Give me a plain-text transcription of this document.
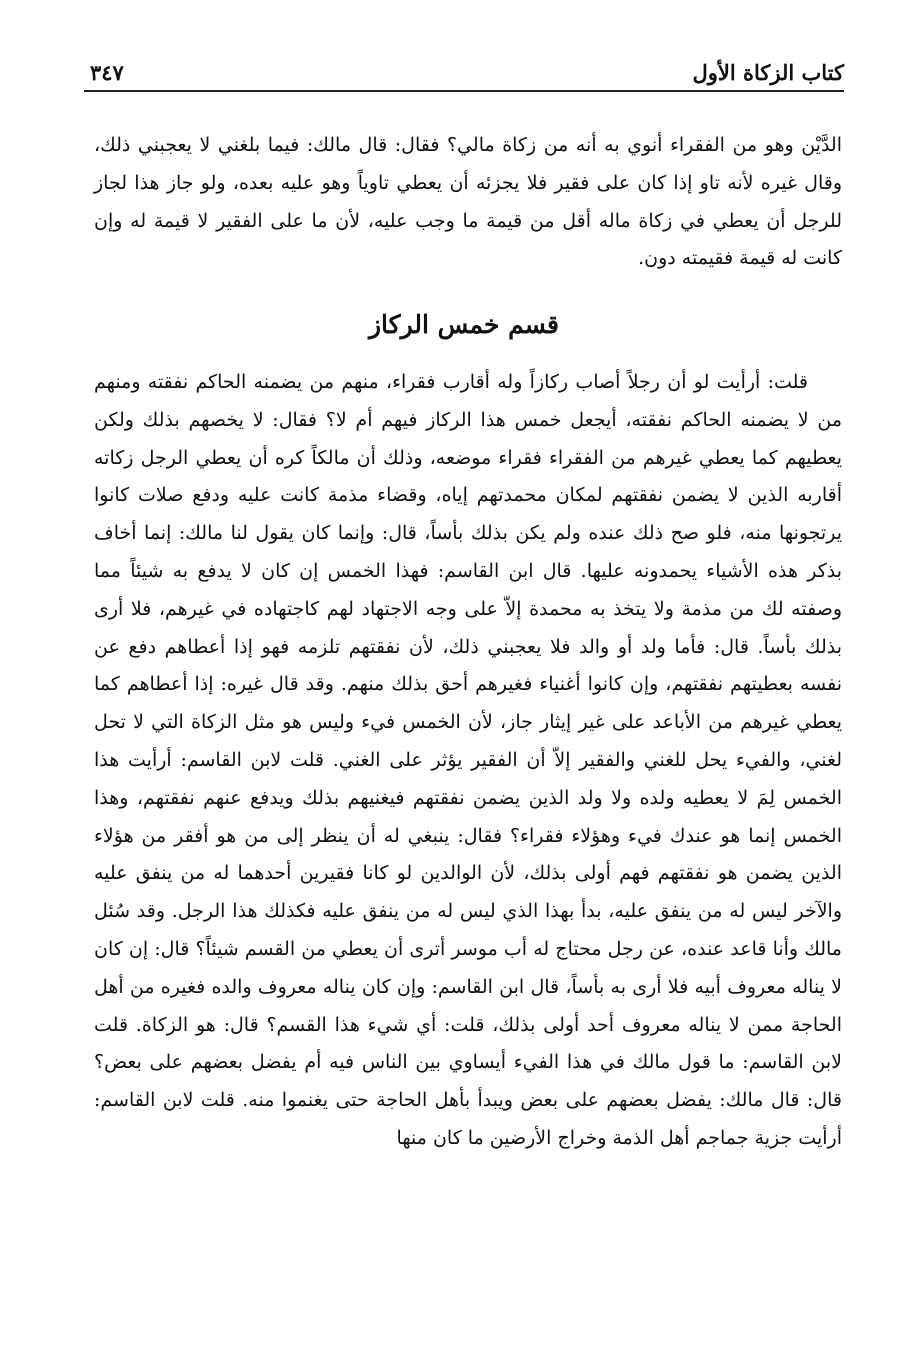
كتاب الزكاة الأول
٣٤٧

الدَّيْن وهو من الفقراء أنوي به أنه من زكاة مالي؟ فقال: قال مالك: فيما بلغني لا يعجبني ذلك، وقال غيره لأنه تاو إذا كان على فقير فلا يجزئه أن يعطي تاوياً وهو عليه بعده، ولو جاز هذا لجاز للرجل أن يعطي في زكاة ماله أقل من قيمة ما وجب عليه، لأن ما على الفقير لا قيمة له وإن كانت له قيمة فقيمته دون.

قسم خمس الركاز

قلت: أرأيت لو أن رجلاً أصاب ركازاً وله أقارب فقراء، منهم من يضمنه الحاكم نفقته ومنهم من لا يضمنه الحاكم نفقته، أيجعل خمس هذا الركاز فيهم أم لا؟ فقال: لا يخصهم بذلك ولكن يعطيهم كما يعطي غيرهم من الفقراء فقراء موضعه، وذلك أن مالكاً كره أن يعطي الرجل زكاته أقاربه الذين لا يضمن نفقتهم لمكان محمدتهم إياه، وقضاء مذمة كانت عليه ودفع صلات كانوا يرتجونها منه، فلو صح ذلك عنده ولم يكن بذلك بأساً، قال: وإنما كان يقول لنا مالك: إنما أخاف بذكر هذه الأشياء يحمدونه عليها. قال ابن القاسم: فهذا الخمس إن كان لا يدفع به شيئاً مما وصفته لك من مذمة ولا يتخذ به محمدة إلاّ على وجه الاجتهاد لهم كاجتهاده في غيرهم، فلا أرى بذلك بأساً. قال: فأما ولد أو والد فلا يعجبني ذلك، لأن نفقتهم تلزمه فهو إذا أعطاهم دفع عن نفسه بعطيتهم نفقتهم، وإن كانوا أغنياء فغيرهم أحق بذلك منهم. وقد قال غيره: إذا أعطاهم كما يعطي غيرهم من الأباعد على غير إيثار جاز، لأن الخمس فيء وليس هو مثل الزكاة التي لا تحل لغني، والفيء يحل للغني والفقير إلاّ أن الفقير يؤثر على الغني. قلت لابن القاسم: أرأيت هذا الخمس لِمَ لا يعطيه ولده ولا ولد الذين يضمن نفقتهم فيغنيهم بذلك ويدفع عنهم نفقتهم، وهذا الخمس إنما هو عندك فيء وهؤلاء فقراء؟ فقال: ينبغي له أن ينظر إلى من هو أفقر من هؤلاء الذين يضمن هو نفقتهم فهم أولى بذلك، لأن الوالدين لو كانا فقيرين أحدهما له من ينفق عليه والآخر ليس له من ينفق عليه، بدأ بهذا الذي ليس له من ينفق عليه فكذلك هذا الرجل. وقد سُئل مالك وأنا قاعد عنده، عن رجل محتاج له أب موسر أترى أن يعطي من القسم شيئاً؟ قال: إن كان لا يناله معروف أبيه فلا أرى به بأساً، قال ابن القاسم: وإن كان يناله معروف والده فغيره من أهل الحاجة ممن لا يناله معروف أحد أولى بذلك، قلت: أي شيء هذا القسم؟ قال: هو الزكاة. قلت لابن القاسم: ما قول مالك في هذا الفيء أيساوي بين الناس فيه أم يفضل بعضهم على بعض؟ قال: قال مالك: يفضل بعضهم على بعض ويبدأ بأهل الحاجة حتى يغنموا منه. قلت لابن القاسم: أرأيت جزية جماجم أهل الذمة وخراج الأرضين ما كان منها
